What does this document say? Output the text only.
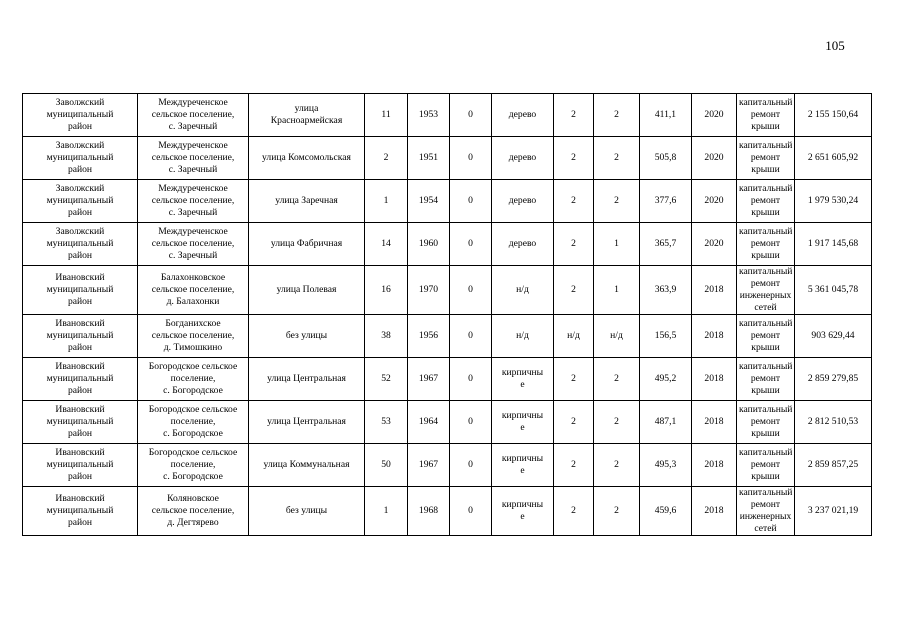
105
Заволжский
муниципальный
район	Междуреченское
сельское поселение,
с. Заречный	улица
Красноармейская	11	1953	0	дерево	2	2	411,1	2020	капитальный
ремонт
крыши	2 155 150,64
Заволжский
муниципальный
район	Междуреченское
сельское поселение,
с. Заречный	улица Комсомольская	2	1951	0	дерево	2	2	505,8	2020	капитальный
ремонт
крыши	2 651 605,92
Заволжский
муниципальный
район	Междуреченское
сельское поселение,
с. Заречный	улица Заречная	1	1954	0	дерево	2	2	377,6	2020	капитальный
ремонт
крыши	1 979 530,24
Заволжский
муниципальный
район	Междуреченское
сельское поселение,
с. Заречный	улица Фабричная	14	1960	0	дерево	2	1	365,7	2020	капитальный
ремонт
крыши	1 917 145,68
Ивановский
муниципальный
район	Балахонковское
сельское поселение,
д. Балахонки	улица Полевая	16	1970	0	н/д	2	1	363,9	2018	капитальный
ремонт
инженерных
сетей	5 361 045,78
Ивановский
муниципальный
район	Богданихское
сельское поселение,
д. Тимошкино	без улицы	38	1956	0	н/д	н/д	н/д	156,5	2018	капитальный
ремонт
крыши	903 629,44
Ивановский
муниципальный
район	Богородское сельское
поселение,
с. Богородское	улица Центральная	52	1967	0	кирпичны
е	2	2	495,2	2018	капитальный
ремонт
крыши	2 859 279,85
Ивановский
муниципальный
район	Богородское сельское
поселение,
с. Богородское	улица Центральная	53	1964	0	кирпичны
е	2	2	487,1	2018	капитальный
ремонт
крыши	2 812 510,53
Ивановский
муниципальный
район	Богородское сельское
поселение,
с. Богородское	улица Коммунальная	50	1967	0	кирпичны
е	2	2	495,3	2018	капитальный
ремонт
крыши	2 859 857,25
Ивановский
муниципальный
район	Коляновское
сельское поселение,
д. Дегтярево	без улицы	1	1968	0	кирпичны
е	2	2	459,6	2018	капитальный
ремонт
инженерных
сетей	3 237 021,19
